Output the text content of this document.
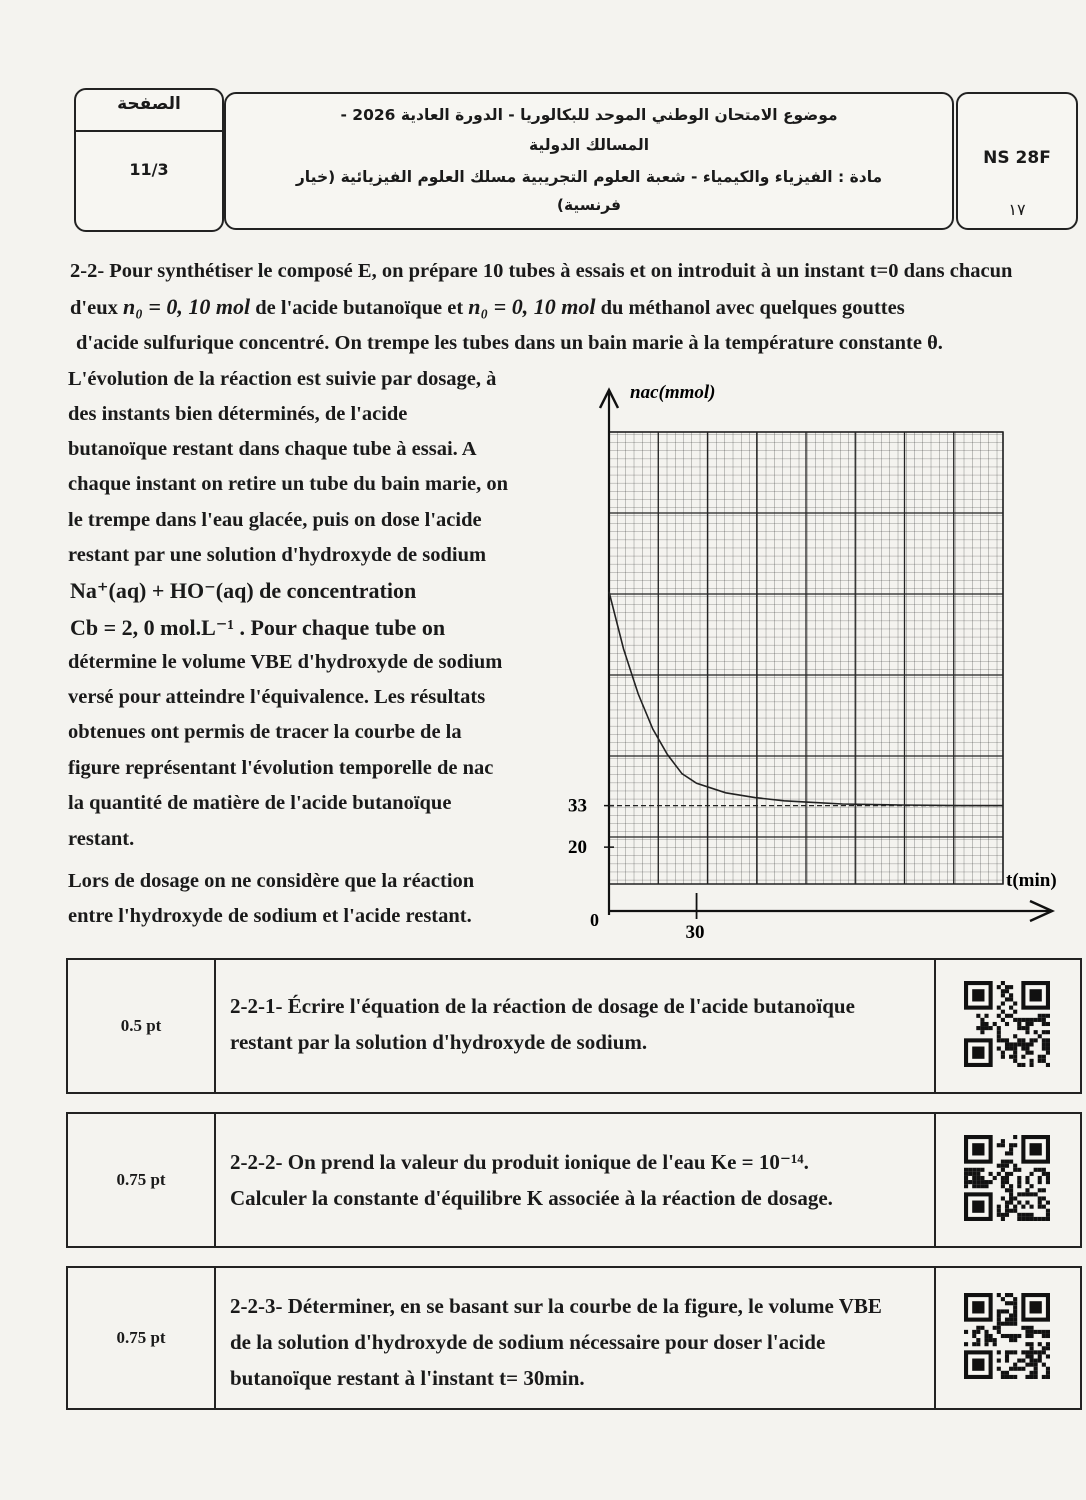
الصفحة
11/3
موضوع الامتحان الوطني الموحد للبكالوريا - الدورة العادية 2026 -
المسالك الدولية
مادة : الفيزياء والكيمياء - شعبة العلوم التجريبية مسلك العلوم الفيزيائية (خيار
فرنسية)
NS 28F
١٧
2-2- Pour synthétiser le composé E, on prépare 10 tubes à essais et on introduit à un instant t=0 dans chacun
d'eux n₀ = 0, 10 mol de l'acide butanoïque et n₀ = 0, 10 mol du méthanol avec quelques gouttes
d'acide sulfurique concentré. On trempe les tubes dans un bain marie à la température constante θ.
L'évolution de la réaction est suivie par dosage, à
des instants bien déterminés, de l'acide
butanoïque restant dans chaque tube à essai. A
chaque instant on retire un tube du bain marie, on
le trempe dans l'eau glacée, puis on dose l'acide
restant par une solution d'hydroxyde de sodium
Na⁺(aq) + HO⁻(aq) de concentration
Cb = 2, 0 mol.L⁻¹ . Pour chaque tube on
détermine le volume VBE d'hydroxyde de sodium
versé pour atteindre l'équivalence. Les résultats
obtenues ont permis de tracer la courbe de la
figure représentant l'évolution temporelle de nac
la quantité de matière de l'acide butanoïque
restant.
Lors de dosage on ne considère que la réaction
entre l'hydroxyde de sodium et l'acide restant.
nac(mmol)
t(min)
0
20
33
30
0.5 pt
2-2-1- Écrire l'équation de la réaction de dosage de l'acide butanoïque
restant par la solution d'hydroxyde de sodium.
0.75 pt
2-2-2- On prend la valeur du produit ionique de l'eau Ke = 10⁻¹⁴.
Calculer la constante d'équilibre K associée à la réaction de dosage.
0.75 pt
2-2-3- Déterminer, en se basant sur la courbe de la figure, le volume VBE
de la solution d'hydroxyde de sodium nécessaire pour doser l'acide
butanoïque restant à l'instant t= 30min.
